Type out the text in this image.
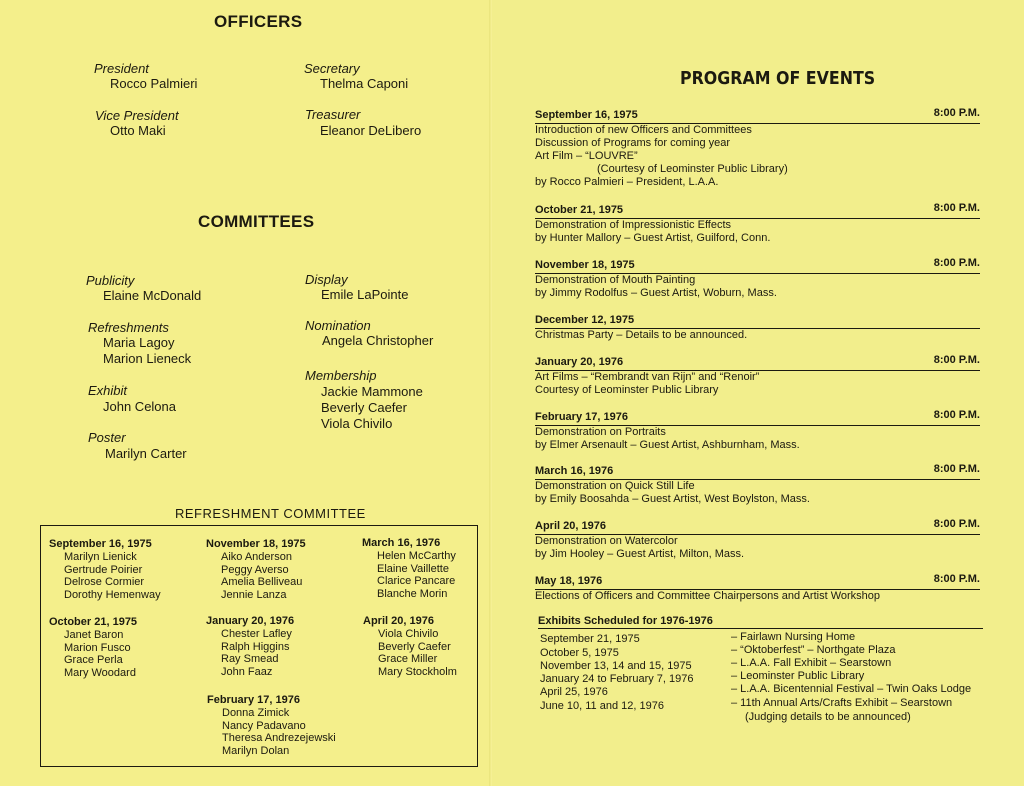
OFFICERS
President
Rocco Palmieri
Secretary
Thelma Caponi
Vice President
Otto Maki
Treasurer
Eleanor DeLibero
COMMITTEES
Publicity
Elaine McDonald
Display
Emile LaPointe
Refreshments
Maria Lagoy
Marion Lieneck
Nomination
Angela Christopher
Exhibit
John Celona
Membership
Jackie Mammone
Beverly Caefer
Viola Chivilo
Poster
Marilyn Carter
REFRESHMENT COMMITTEE
September 16, 1975
Marilyn Lienick
Gertrude Poirier
Delrose Cormier
Dorothy Hemenway
November 18, 1975
Aiko Anderson
Peggy Averso
Amelia Belliveau
Jennie Lanza
March 16, 1976
Helen McCarthy
Elaine Vaillette
Clarice Pancare
Blanche Morin
October 21, 1975
Janet Baron
Marion Fusco
Grace Perla
Mary Woodard
January 20, 1976
Chester Lafley
Ralph Higgins
Ray Smead
John Faaz
April 20, 1976
Viola Chivilo
Beverly Caefer
Grace Miller
Mary Stockholm
February 17, 1976
Donna Zimick
Nancy Padavano
Theresa Andrezejewski
Marilyn Dolan
PROGRAM OF EVENTS
September 16, 1975	8:00 P.M.
Introduction of new Officers and Committees
Discussion of Programs for coming year
Art Film – “LOUVRE”
(Courtesy of Leominster Public Library)
by Rocco Palmieri – President, L.A.A.
October 21, 1975	8:00 P.M.
Demonstration of Impressionistic Effects
by Hunter Mallory – Guest Artist, Guilford, Conn.
November 18, 1975	8:00 P.M.
Demonstration of Mouth Painting
by Jimmy Rodolfus – Guest Artist, Woburn, Mass.
December 12, 1975
Christmas Party – Details to be announced.
January 20, 1976	8:00 P.M.
Art Films – “Rembrandt van Rijn” and “Renoir”
Courtesy of Leominster Public Library
February 17, 1976	8:00 P.M.
Demonstration on Portraits
by Elmer Arsenault – Guest Artist, Ashburnham, Mass.
March 16, 1976	8:00 P.M.
Demonstration on Quick Still Life
by Emily Boosahda – Guest Artist, West Boylston, Mass.
April 20, 1976	8:00 P.M.
Demonstration on Watercolor
by Jim Hooley – Guest Artist, Milton, Mass.
May 18, 1976	8:00 P.M.
Elections of Officers and Committee Chairpersons and Artist Workshop
Exhibits Scheduled for 1976-1976
September 21, 1975	– Fairlawn Nursing Home
October 5, 1975	– “Oktoberfest” – Northgate Plaza
November 13, 14 and 15, 1975	– L.A.A. Fall Exhibit – Searstown
January 24 to February 7, 1976	– Leominster Public Library
April 25, 1976	– L.A.A. Bicentennial Festival – Twin Oaks Lodge
June 10, 11 and 12, 1976	– 11th Annual Arts/Crafts Exhibit – Searstown
(Judging details to be announced)
